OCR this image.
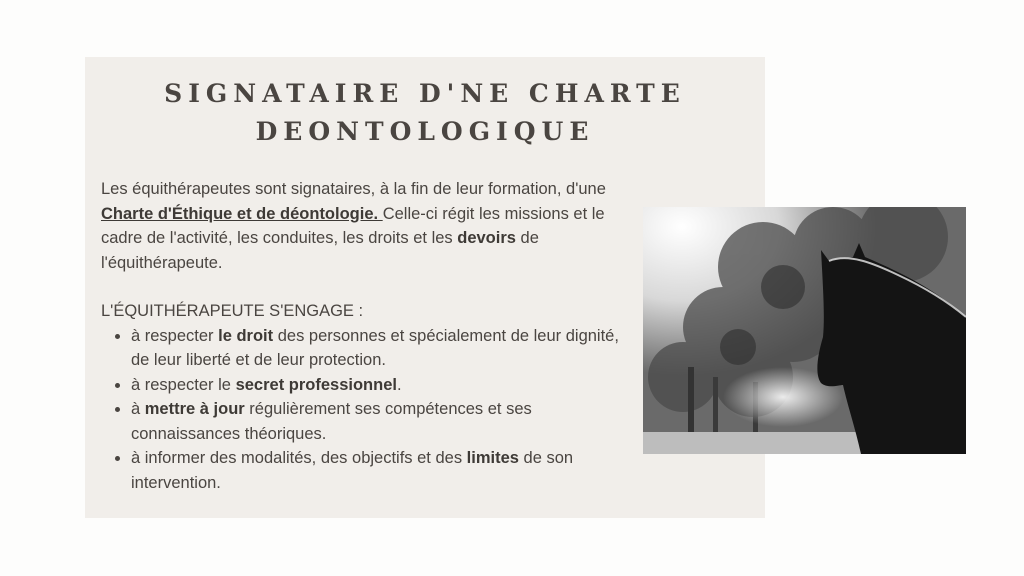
SIGNATAIRE D'NE CHARTE
DEONTOLOGIQUE

Les équithérapeutes sont signataires, à la fin de leur formation, d'une Charte d'Éthique et de déontologie. Celle-ci régit les missions et le cadre de l'activité, les conduites, les droits et les devoirs de l'équithérapeute.

L'ÉQUITHÉRAPEUTE S'ENGAGE :

à respecter le droit des personnes et spécialement de leur dignité, de leur liberté et de leur protection.
à respecter le secret professionnel.
à mettre à jour régulièrement ses compétences et ses connaissances théoriques.
à informer des modalités, des objectifs et des limites de son intervention.
